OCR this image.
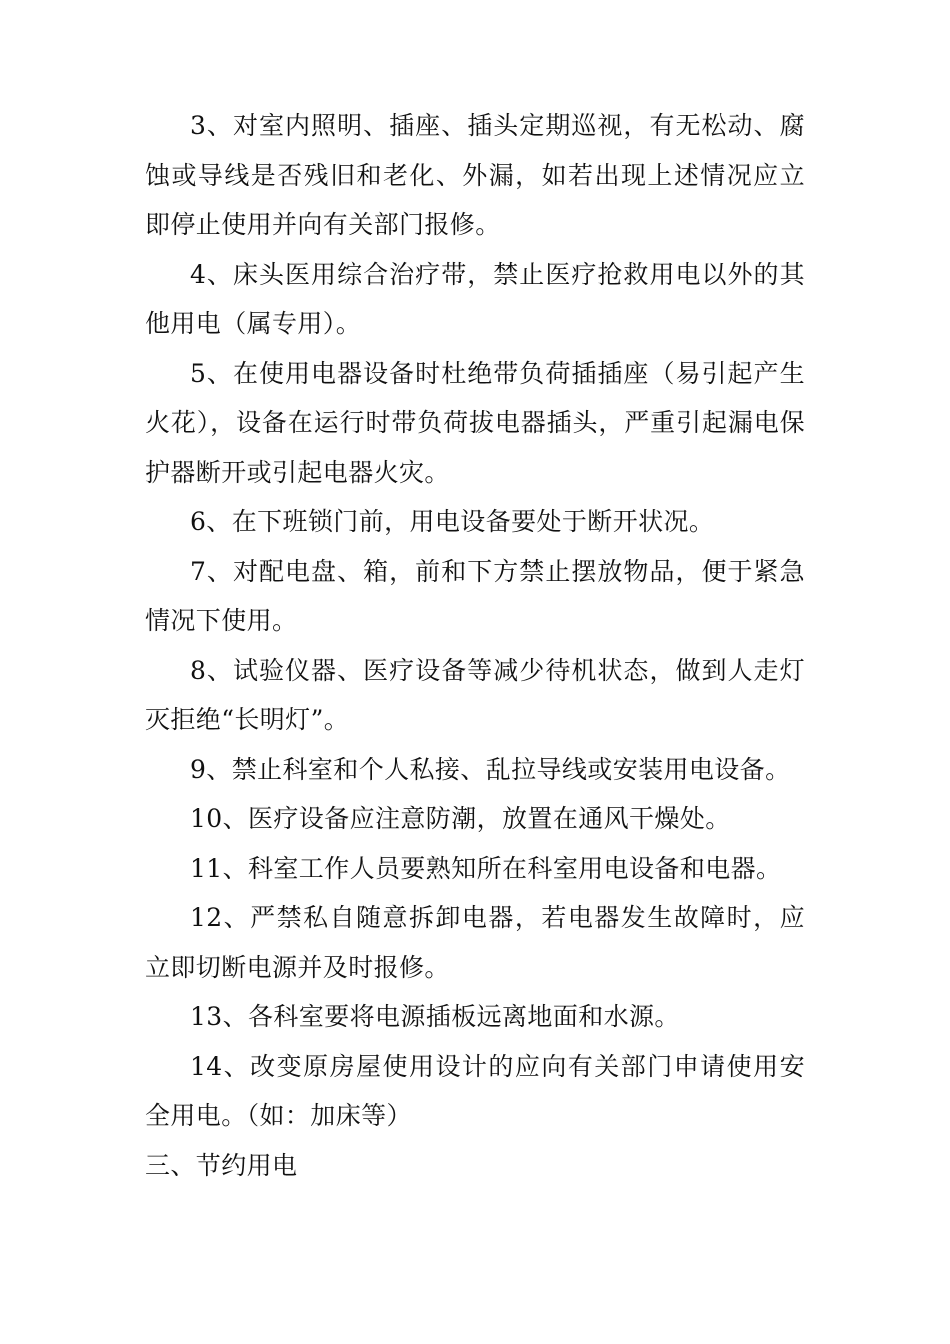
3、对室内照明、插座、插头定期巡视，有无松动、腐蚀或导线是否残旧和老化、外漏，如若出现上述情况应立即停止使用并向有关部门报修。

4、床头医用综合治疗带，禁止医疗抢救用电以外的其他用电（属专用）。

5、在使用电器设备时杜绝带负荷插插座（易引起产生火花），设备在运行时带负荷拔电器插头，严重引起漏电保护器断开或引起电器火灾。

6、在下班锁门前，用电设备要处于断开状况。

7、对配电盘、箱，前和下方禁止摆放物品，便于紧急情况下使用。

8、试验仪器、医疗设备等减少待机状态，做到人走灯灭拒绝“长明灯”。

9、禁止科室和个人私接、乱拉导线或安装用电设备。

10、医疗设备应注意防潮，放置在通风干燥处。

11、科室工作人员要熟知所在科室用电设备和电器。

12、严禁私自随意拆卸电器，若电器发生故障时，应立即切断电源并及时报修。

13、各科室要将电源插板远离地面和水源。

14、改变原房屋使用设计的应向有关部门申请使用安全用电。（如：加床等）

三、节约用电
